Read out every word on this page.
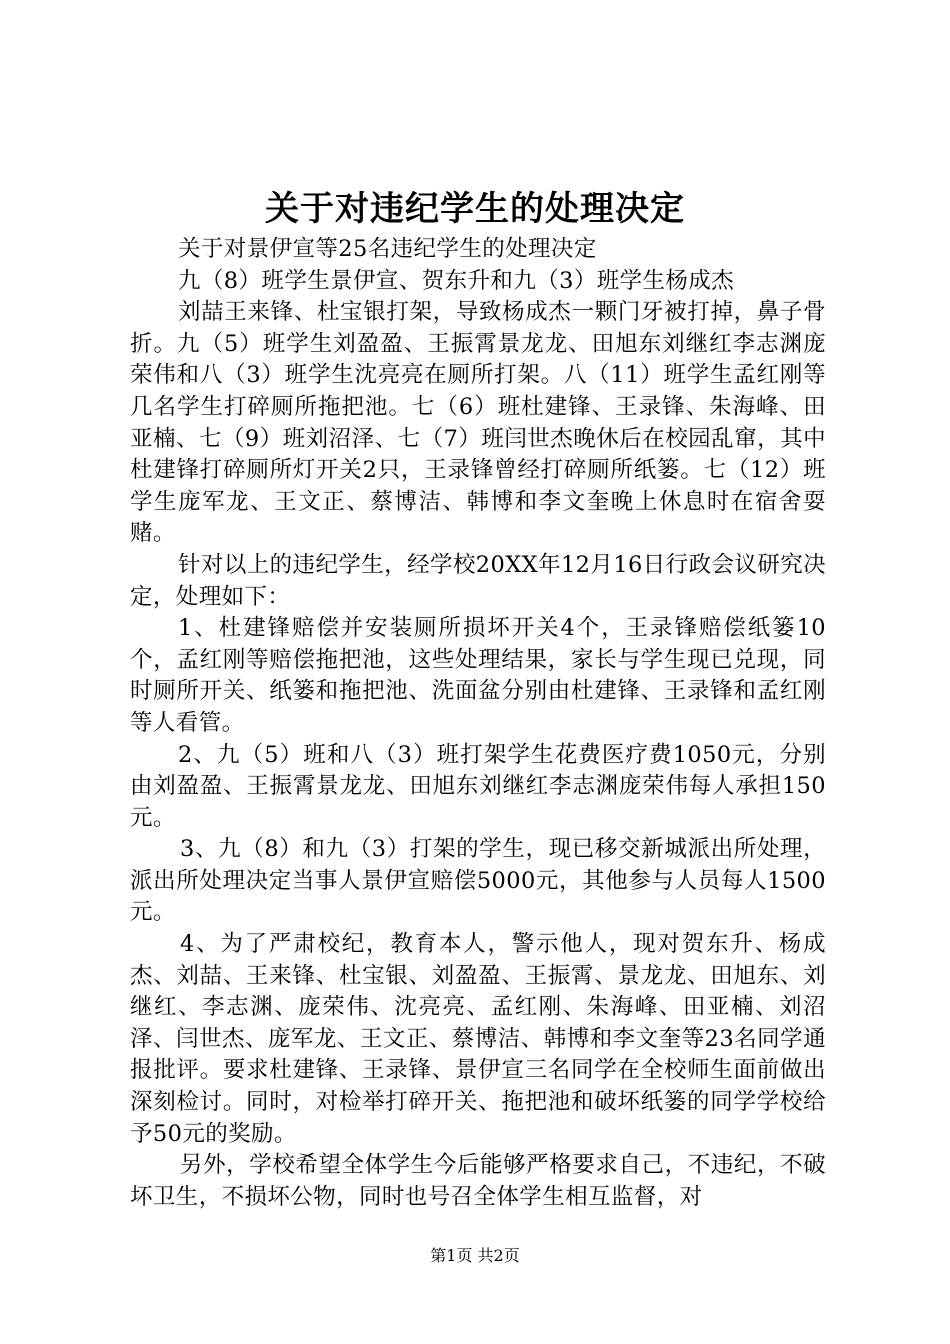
关于对违纪学生的处理决定

关于对景伊宣等25名违纪学生的处理决定

九（8）班学生景伊宣、贺东升和九（3）班学生杨成杰

刘喆王来锋、杜宝银打架，导致杨成杰一颗门牙被打掉，鼻子骨折。九（5）班学生刘盈盈、王振霄景龙龙、田旭东刘继红李志渊庞荣伟和八（3）班学生沈亮亮在厕所打架。八（11）班学生孟红刚等几名学生打碎厕所拖把池。七（6）班杜建锋、王录锋、朱海峰、田亚楠、七（9）班刘沼泽、七（7）班闫世杰晚休后在校园乱窜，其中杜建锋打碎厕所灯开关2只，王录锋曾经打碎厕所纸篓。七（12）班学生庞军龙、王文正、蔡博洁、韩博和李文奎晚上休息时在宿舍耍赌。

针对以上的违纪学生，经学校20XX年12月16日行政会议研究决定，处理如下：

1、杜建锋赔偿并安装厕所损坏开关4个，王录锋赔偿纸篓10个，孟红刚等赔偿拖把池，这些处理结果，家长与学生现已兑现，同时厕所开关、纸篓和拖把池、洗面盆分别由杜建锋、王录锋和孟红刚等人看管。

2、九（5）班和八（3）班打架学生花费医疗费1050元，分别由刘盈盈、王振霄景龙龙、田旭东刘继红李志渊庞荣伟每人承担150元。

3、九（8）和九（3）打架的学生，现已移交新城派出所处理，派出所处理决定当事人景伊宣赔偿5000元，其他参与人员每人1500元。

4、为了严肃校纪，教育本人，警示他人，现对贺东升、杨成杰、刘喆、王来锋、杜宝银、刘盈盈、王振霄、景龙龙、田旭东、刘继红、李志渊、庞荣伟、沈亮亮、孟红刚、朱海峰、田亚楠、刘沼泽、闫世杰、庞军龙、王文正、蔡博洁、韩博和李文奎等23名同学通报批评。要求杜建锋、王录锋、景伊宣三名同学在全校师生面前做出深刻检讨。同时，对检举打碎开关、拖把池和破坏纸篓的同学学校给予50元的奖励。

另外，学校希望全体学生今后能够严格要求自己，不违纪，不破坏卫生，不损坏公物，同时也号召全体学生相互监督，对

第1页 共2页
